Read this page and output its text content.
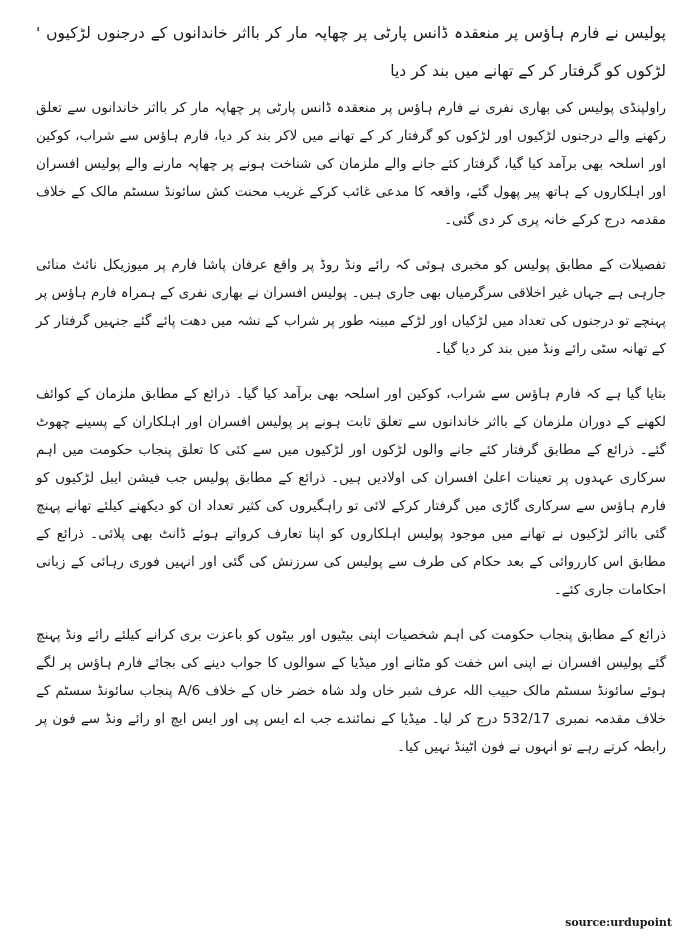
پولیس نے فارم ہاؤس پر منعقدہ ڈانس پارٹی پر چھاپہ مار کر بااثر خاندانوں کے درجنوں لڑکیوں ' لڑکوں کو گرفتار کر کے تھانے میں بند کر دیا

راولپنڈی پولیس کی بھاری نفری نے فارم ہاؤس پر منعقدہ ڈانس پارٹی پر چھاپہ مار کر بااثر خاندانوں سے تعلق رکھنے والے درجنوں لڑکیوں اور لڑکوں کو گرفتار کر کے تھانے میں لاکر بند کر دیا، فارم ہاؤس سے شراب، کوکین اور اسلحہ بھی برآمد کیا گیا، گرفتار کئے جانے والے ملزمان کی شناخت ہونے پر چھاپہ مارنے والے پولیس افسران اور اہلکاروں کے ہاتھ پیر پھول گئے، واقعہ کا مدعی غائب کرکے غریب محنت کش سائونڈ سسٹم مالک کے خلاف مقدمہ درج کرکے خانہ پری کر دی گئی۔

تفصیلات کے مطابق پولیس کو مخبری ہوئی کہ رائے ونڈ روڈ پر واقع عرفان پاشا فارم پر میوزیکل نائٹ منائی جارہی ہے جہاں غیر اخلاقی سرگرمیاں بھی جاری ہیں۔ پولیس افسران نے بھاری نفری کے ہمراہ فارم ہاؤس پر پہنچے تو درجنوں کی تعداد میں لڑکیاں اور لڑکے مبینہ طور پر شراب کے نشہ میں دھت پائے گئے جنہیں گرفتار کر کے تھانہ سٹی رائے ونڈ میں بند کر دیا گیا۔

بتایا گیا ہے کہ فارم ہاؤس سے شراب، کوکین اور اسلحہ بھی برآمد کیا گیا۔ ذرائع کے مطابق ملزمان کے کوائف لکھنے کے دوران ملزمان کے بااثر خاندانوں سے تعلق ثابت ہونے پر پولیس افسران اور اہلکاران کے پسینے چھوٹ گئے۔ ذرائع کے مطابق گرفتار کئے جانے والوں لڑکوں اور لڑکیوں میں سے کئی کا تعلق پنجاب حکومت میں اہم سرکاری عہدوں پر تعینات اعلیٰ افسران کی اولادیں ہیں۔ ذرائع کے مطابق پولیس جب فیشن ایبل لڑکیوں کو فارم ہاؤس سے سرکاری گاڑی میں گرفتار کرکے لائی تو راہگیروں کی کثیر تعداد ان کو دیکھنے کیلئے تھانے پہنچ گئی بااثر لڑکیوں نے تھانے میں موجود پولیس اہلکاروں کو اپنا تعارف کرواتے ہوئے ڈانٹ بھی پلائی۔ ذرائع کے مطابق اس کارروائی کے بعد حکام کی طرف سے پولیس کی سرزنش کی گئی اور انہیں فوری رہائی کے زبانی احکامات جاری کئے۔

ذرائع کے مطابق پنجاب حکومت کی اہم شخصیات اپنی بیٹیوں اور بیٹوں کو باعزت بری کرانے کیلئے رائے ونڈ پہنچ گئے پولیس افسران نے اپنی اس خفت کو مٹانے اور میڈیا کے سوالوں کا جواب دینے کی بجائے فارم ہاؤس پر لگے ہوئے سائونڈ سسٹم مالک حبیب اللہ عرف شبر خاں ولد شاہ خضر خاں کے خلاف A/6 پنجاب سائونڈ سسٹم کے خلاف مقدمہ نمبری 532/17 درج کر لیا۔ میڈیا کے نمائندے جب اے ایس پی اور ایس ایچ او رائے ونڈ سے فون پر رابطہ کرتے رہے تو انہوں نے فون اٹینڈ نہیں کیا۔

source:urdupoint
